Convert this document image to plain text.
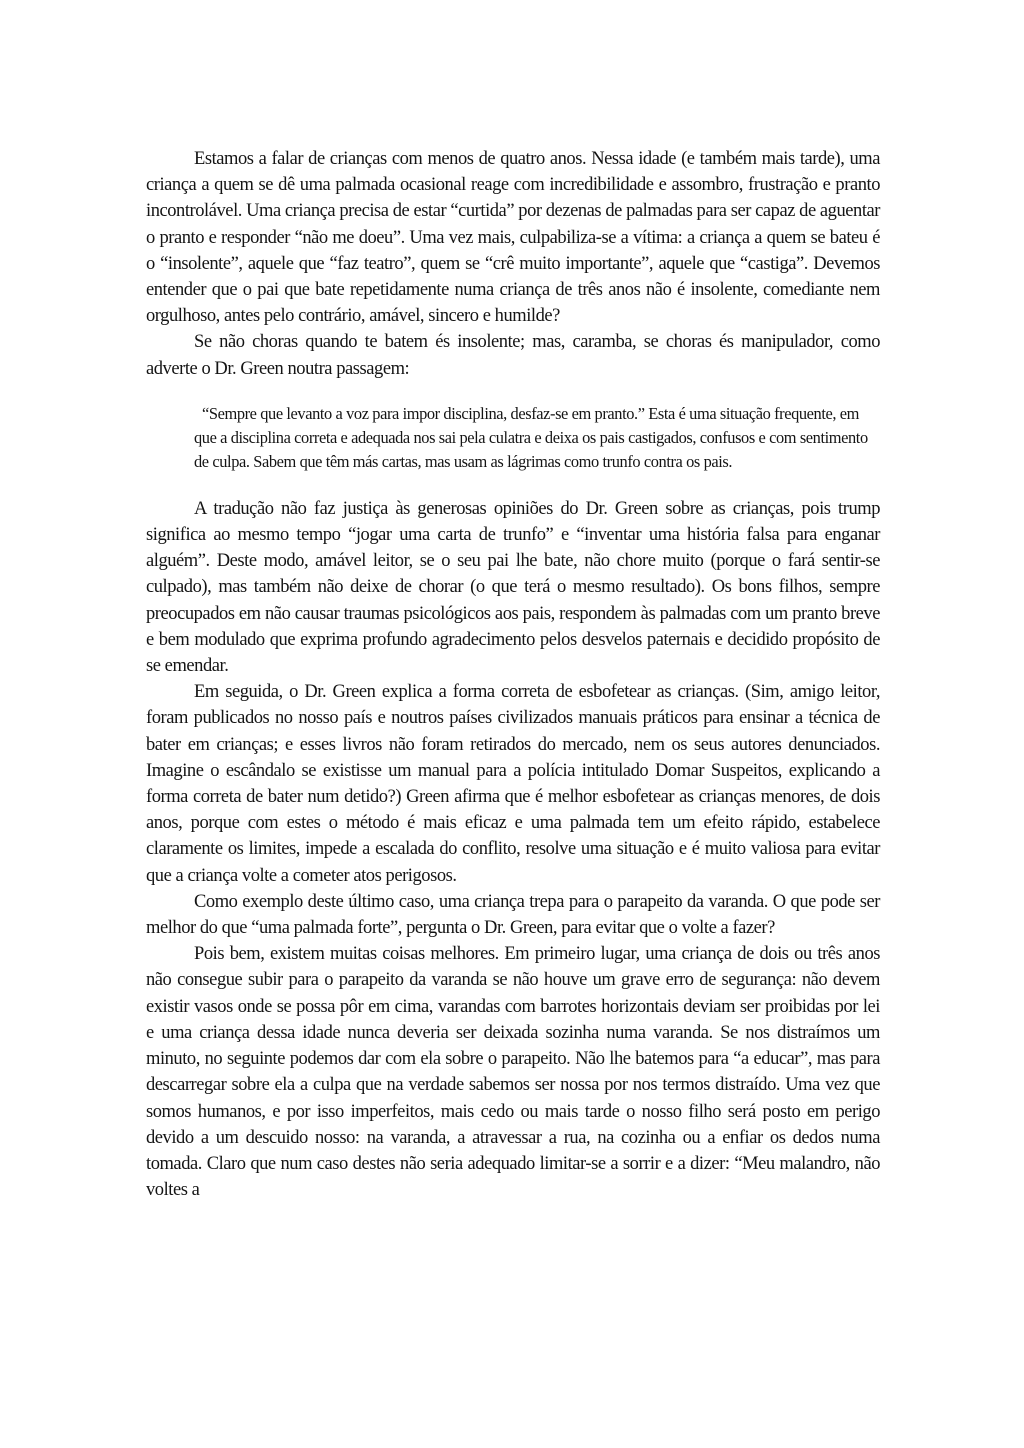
Estamos a falar de crianças com menos de quatro anos. Nessa idade (e também mais tarde), uma criança a quem se dê uma palmada ocasional reage com incredibilidade e assombro, frustração e pranto incontrolável. Uma criança precisa de estar “curtida” por dezenas de palmadas para ser capaz de aguentar o pranto e responder “não me doeu”. Uma vez mais, culpabiliza-se a vítima: a criança a quem se bateu é o “insolente”, aquele que “faz teatro”, quem se “crê muito importante”, aquele que “castiga”. Devemos entender que o pai que bate repetidamente numa criança de três anos não é insolente, comediante nem orgulhoso, antes pelo contrário, amável, sincero e humilde?

Se não choras quando te batem és insolente; mas, caramba, se choras és manipulador, como adverte o Dr. Green noutra passagem:

“Sempre que levanto a voz para impor disciplina, desfaz-se em pranto.” Esta é uma situação frequente, em que a disciplina correta e adequada nos sai pela culatra e deixa os pais castigados, confusos e com sentimento de culpa. Sabem que têm más cartas, mas usam as lágrimas como trunfo contra os pais.

A tradução não faz justiça às generosas opiniões do Dr. Green sobre as crianças, pois trump significa ao mesmo tempo “jogar uma carta de trunfo” e “inventar uma história falsa para enganar alguém”. Deste modo, amável leitor, se o seu pai lhe bate, não chore muito (porque o fará sentir-se culpado), mas também não deixe de chorar (o que terá o mesmo resultado). Os bons filhos, sempre preocupados em não causar traumas psicológicos aos pais, respondem às palmadas com um pranto breve e bem modulado que exprima profundo agradecimento pelos desvelos paternais e decidido propósito de se emendar.

Em seguida, o Dr. Green explica a forma correta de esbofetear as crianças. (Sim, amigo leitor, foram publicados no nosso país e noutros países civilizados manuais práticos para ensinar a técnica de bater em crianças; e esses livros não foram retirados do mercado, nem os seus autores denunciados. Imagine o escândalo se existisse um manual para a polícia intitulado Domar Suspeitos, explicando a forma correta de bater num detido?) Green afirma que é melhor esbofetear as crianças menores, de dois anos, porque com estes o método é mais eficaz e uma palmada tem um efeito rápido, estabelece claramente os limites, impede a escalada do conflito, resolve uma situação e é muito valiosa para evitar que a criança volte a cometer atos perigosos.

Como exemplo deste último caso, uma criança trepa para o parapeito da varanda. O que pode ser melhor do que “uma palmada forte”, pergunta o Dr. Green, para evitar que o volte a fazer?

Pois bem, existem muitas coisas melhores. Em primeiro lugar, uma criança de dois ou três anos não consegue subir para o parapeito da varanda se não houve um grave erro de segurança: não devem existir vasos onde se possa pôr em cima, varandas com barrotes horizontais deviam ser proibidas por lei e uma criança dessa idade nunca deveria ser deixada sozinha numa varanda. Se nos distraímos um minuto, no seguinte podemos dar com ela sobre o parapeito. Não lhe batemos para “a educar”, mas para descarregar sobre ela a culpa que na verdade sabemos ser nossa por nos termos distraído. Uma vez que somos humanos, e por isso imperfeitos, mais cedo ou mais tarde o nosso filho será posto em perigo devido a um descuido nosso: na varanda, a atravessar a rua, na cozinha ou a enfiar os dedos numa tomada. Claro que num caso destes não seria adequado limitar-se a sorrir e a dizer: “Meu malandro, não voltes a
